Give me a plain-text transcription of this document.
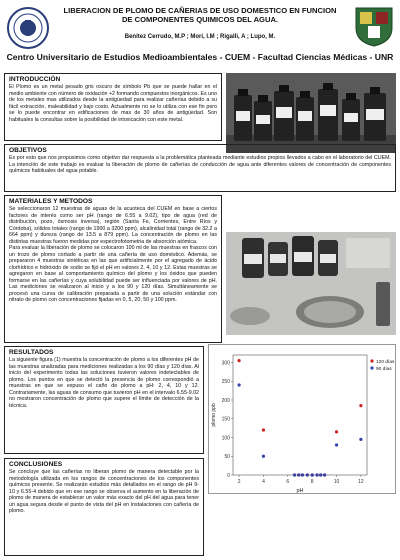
LIBERACION DE PLOMO DE CAÑERIAS DE USO DOMESTICO EN FUNCION DE COMPONENTES QUIMICOS DEL AGUA.
Benitez Cerrudo, M.P ; Mori, I.M ; Rigalli, A ; Lupo, M.
Centro Universitario de Estudios Medioambientales - CUEM - Facultad Ciencias Médicas - UNR
INTRODUCCIÓN

El Plomo es un metal pesado gris oscuro de símbolo Pb que se puede hallar en el medio ambiente con número de oxidación +2 formando compuestos inorgánicos. Es uno de los metales mas utilizados desde la antigüedad para realizar cañerías debido a su fácil extracción, maleabilidad y bajo costo. Actualmente no se lo utiliza con ese fin pero se lo puede encontrar en edificaciones de mas de 30 años de antigüedad. Son habituales la consultas sobre la posibilidad de intoxicación con este metal.

OBJETIVOS

Es por esto que nos propusimos como objetivo dar respuesta a la problemática planteada mediante estudios propios llevados a cabo en el laboratorio del CUEM. La intención de este trabajo es evaluar la liberación de plomo de cañerías de conducción de agua ante diferentes valores de concentración de componentes químicos habituales del agua potable.

MATERIALES Y METODOS

Se seleccionaron 12 muestras de aguas de la acuoteca del CUEM en base a ciertos factores de interés como ser pH (rango de 6.55 a 9.02), tipo de agua (red de distribución, pozo, ósmosis inversa), región (Santa Fe, Corrientes, Entre Ríos y Córdoba), sólidos totales (rango de 1900 a 3200 ppm), alcalinidad total (rango de 32.2 a 664 ppm) y dureza (rango de 13.5 a 879 ppm). La concentración de plomo en las distintas muestras fueron medidas por espectrofotometria de absorción atómica.

Para evaluar la liberación de plomo se colocaron 100 ml de las muestras en frascos con un trozo de plomo cortado a partir de una cañería de uso doméstico. Además, se prepararon 4 muestras sintéticas en las que artificialmente por el agregado de ácido clorhídrico e hidróxido de sodio se fijó el pH en valores 2, 4, 10 y 12. Estas muestras se agregaron en base al comportamiento químico del plomo y los óxidos que pueden formarse en las cañerías y cuya solubilidad puede ser influenciada por valores de pH. Las mediciones se realizaron al inicio y a los 90 y 120 días. Simultáneamente se procesó una curva de calibración preparada a partir de una solución estándar con nitrato de plomo con concentraciones fijadas en 0, 5, 20, 50 y 100 ppm.

RESULTADOS

La siguiente figura (1) muestra la concentración de plomo a los diferentes pH de las muestras analizadas para mediciones realizadas a los 90 días y 120 días. Al inicio del experimento todas las soluciones tuvieron valores indetectables de plomo. Los puntos en que se detectó la presencia de plomo correspondió a muestras en que se expuso el caño de plomo a pH: 2, 4, 10 y 12. Contrariamente, las aguas de consumo que tuvieron pH en el intervalo 6.55-9.02 no mostraron concentración de plomo que supere el límite de detección de la técnica.

CONCLUSIONES

Se concluye que las cañerías no liberan plomo de manera detectable por la metodología utilizada en los rangos de concentraciones de los componentes químicos presente. Se realizarán estudios más detallados en el rango de pH 9-10 y 6.55-4 debido que en ese rango se observa el aumento en la liberación de plomo de manera de establecer un valor más exacto del pH del agua para tener un agua segura desde el punto de vista del pH en instalaciones con cañería de plomo.

0
50
100
150
200
250
300
2	4	6	8	10	12
pH
plomo ppb
120 días
90 días
